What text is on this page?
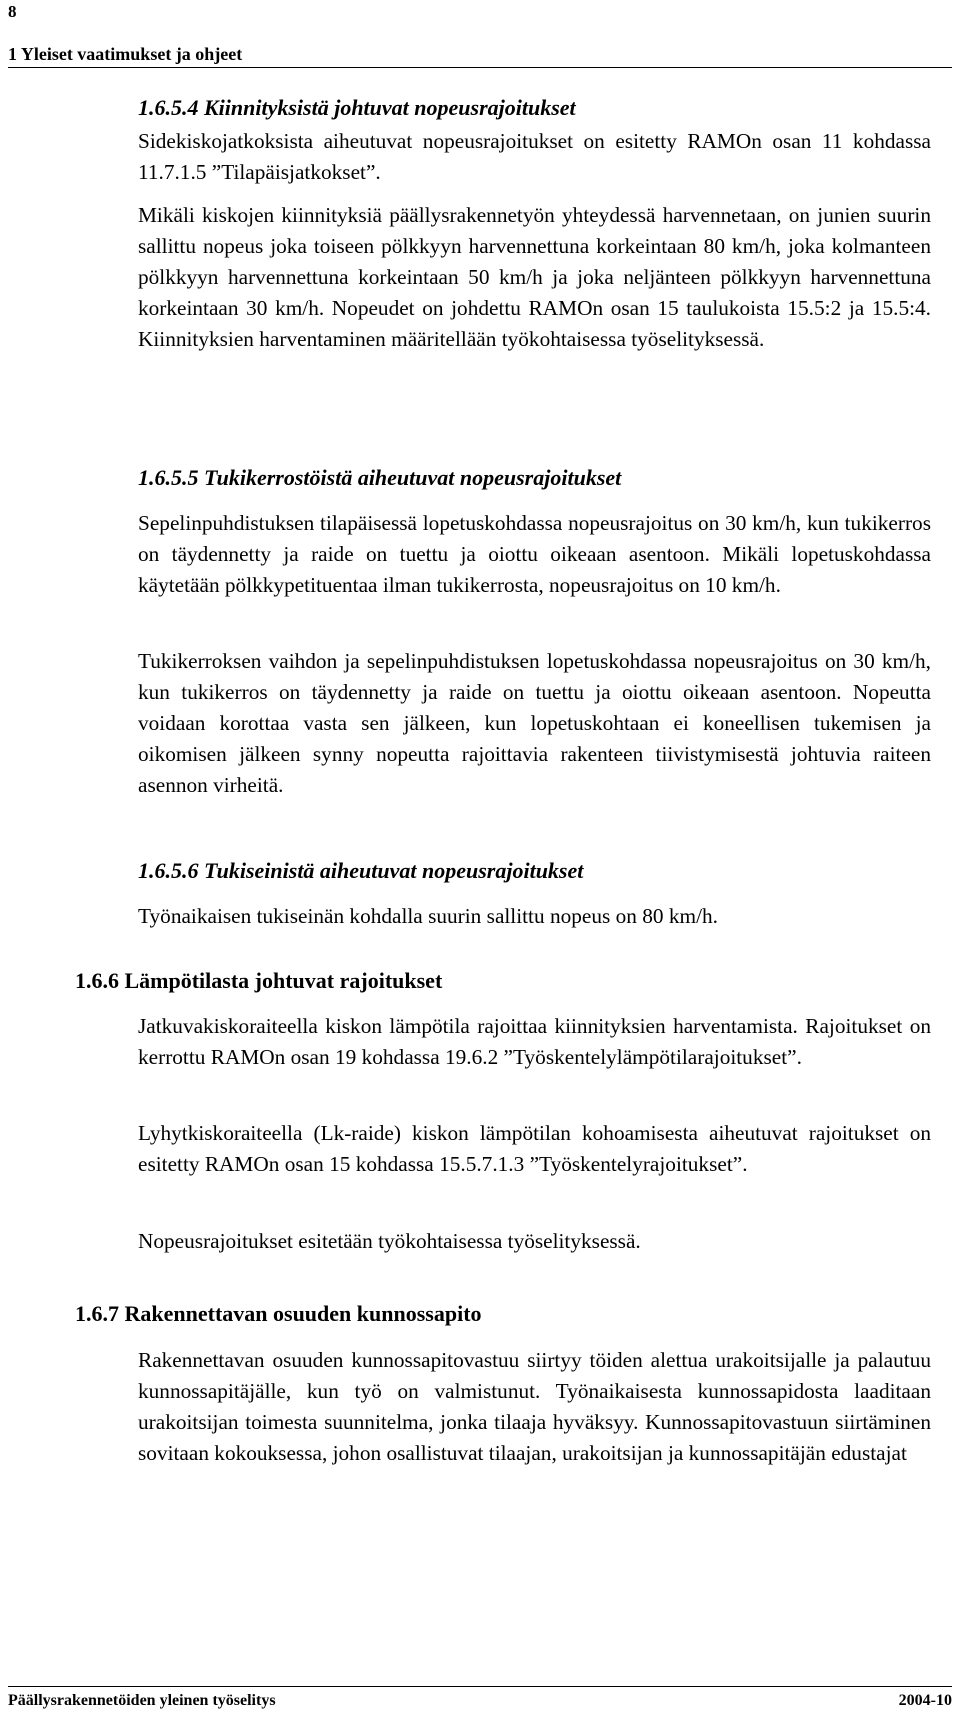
8
1 Yleiset vaatimukset ja ohjeet
1.6.5.4 Kiinnityksistä johtuvat nopeusrajoitukset

Sidekiskojatkoksista aiheutuvat nopeusrajoitukset on esitetty RAMOn osan 11 kohdassa 11.7.1.5 ”Tilapäisjatkokset”.

Mikäli kiskojen kiinnityksiä päällysrakennetyön yhteydessä harvennetaan, on junien suurin sallittu nopeus joka toiseen pölkkyyn harvennettuna korkeintaan 80 km/h, joka kolmanteen pölkkyyn harvennettuna korkeintaan 50 km/h ja joka neljänteen pölkkyyn harvennettuna korkeintaan 30 km/h. Nopeudet on johdettu RAMOn osan 15 taulukoista 15.5:2 ja 15.5:4. Kiinnityksien harventaminen määritellään työkohtaisessa työselityksessä.

1.6.5.5 Tukikerrostöistä aiheutuvat nopeusrajoitukset

Sepelinpuhdistuksen tilapäisessä lopetuskohdassa nopeusrajoitus on 30 km/h, kun tukikerros on täydennetty ja raide on tuettu ja oiottu oikeaan asentoon. Mikäli lopetuskohdassa käytetään pölkkypetituentaa ilman tukikerrosta, nopeusrajoitus on 10 km/h.

Tukikerroksen vaihdon ja sepelinpuhdistuksen lopetuskohdassa nopeusrajoitus on 30 km/h, kun tukikerros on täydennetty ja raide on tuettu ja oiottu oikeaan asentoon. Nopeutta voidaan korottaa vasta sen jälkeen, kun lopetuskohtaan ei koneellisen tukemisen ja oikomisen jälkeen synny nopeutta rajoittavia rakenteen tiivistymisestä johtuvia raiteen asennon virheitä.

1.6.5.6 Tukiseinistä aiheutuvat nopeusrajoitukset

Työnaikaisen tukiseinän kohdalla suurin sallittu nopeus on 80 km/h.

1.6.6 Lämpötilasta johtuvat rajoitukset

Jatkuvakiskoraiteella kiskon lämpötila rajoittaa kiinnityksien harventamista. Rajoitukset on kerrottu RAMOn osan 19 kohdassa 19.6.2 ”Työskentelylämpötilarajoitukset”.

Lyhytkiskoraiteella (Lk-raide) kiskon lämpötilan kohoamisesta aiheutuvat rajoitukset on esitetty RAMOn osan 15 kohdassa 15.5.7.1.3 ”Työskentelyrajoitukset”.

Nopeusrajoitukset esitetään työkohtaisessa työselityksessä.

1.6.7 Rakennettavan osuuden kunnossapito

Rakennettavan osuuden kunnossapitovastuu siirtyy töiden alettua urakoitsijalle ja palautuu kunnossapitäjälle, kun työ on valmistunut. Työnaikaisesta kunnossapidosta laaditaan urakoitsijan toimesta suunnitelma, jonka tilaaja hyväksyy. Kunnossapitovastuun siirtäminen sovitaan kokouksessa, johon osallistuvat tilaajan, urakoitsijan ja kunnossapitäjän edustajat

Päällysrakennetöiden yleinen työselitys	2004-10
